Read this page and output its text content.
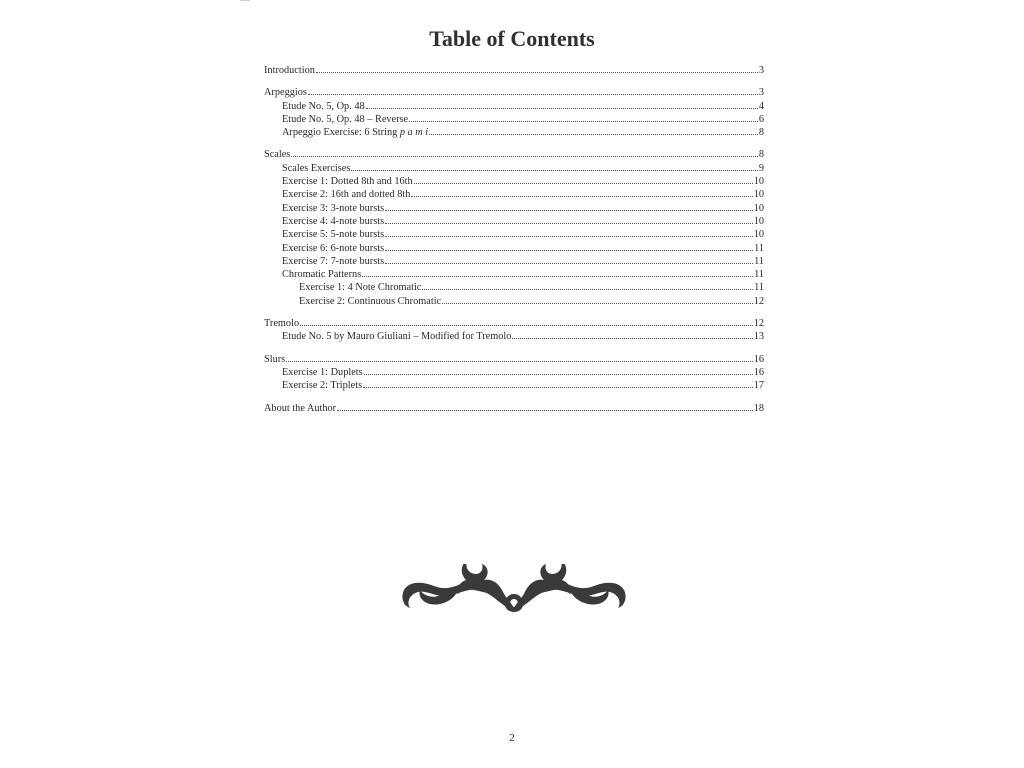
Table of Contents
Introduction	3
Arpeggios	3
Etude No. 5, Op. 48	4
Etude No. 5, Op. 48 – Reverse	6
Arpeggio Exercise: 6 String p a m i	8
Scales	8
Scales Exercises	9
Exercise 1: Dotted 8th and 16th	10
Exercise 2: 16th and dotted 8th	10
Exercise 3: 3-note bursts	10
Exercise 4: 4-note bursts	10
Exercise 5: 5-note bursts	10
Exercise 6: 6-note bursts	11
Exercise 7: 7-note bursts	11
Chromatic Patterns	11
Exercise 1: 4 Note Chromatic	11
Exercise 2: Continuous Chromatic	12
Tremolo	12
Etude No. 5 by Mauro Giuliani – Modified for Tremolo	13
Slurs	16
Exercise 1: Duplets	16
Exercise 2: Triplets	17
About the Author	18
2
